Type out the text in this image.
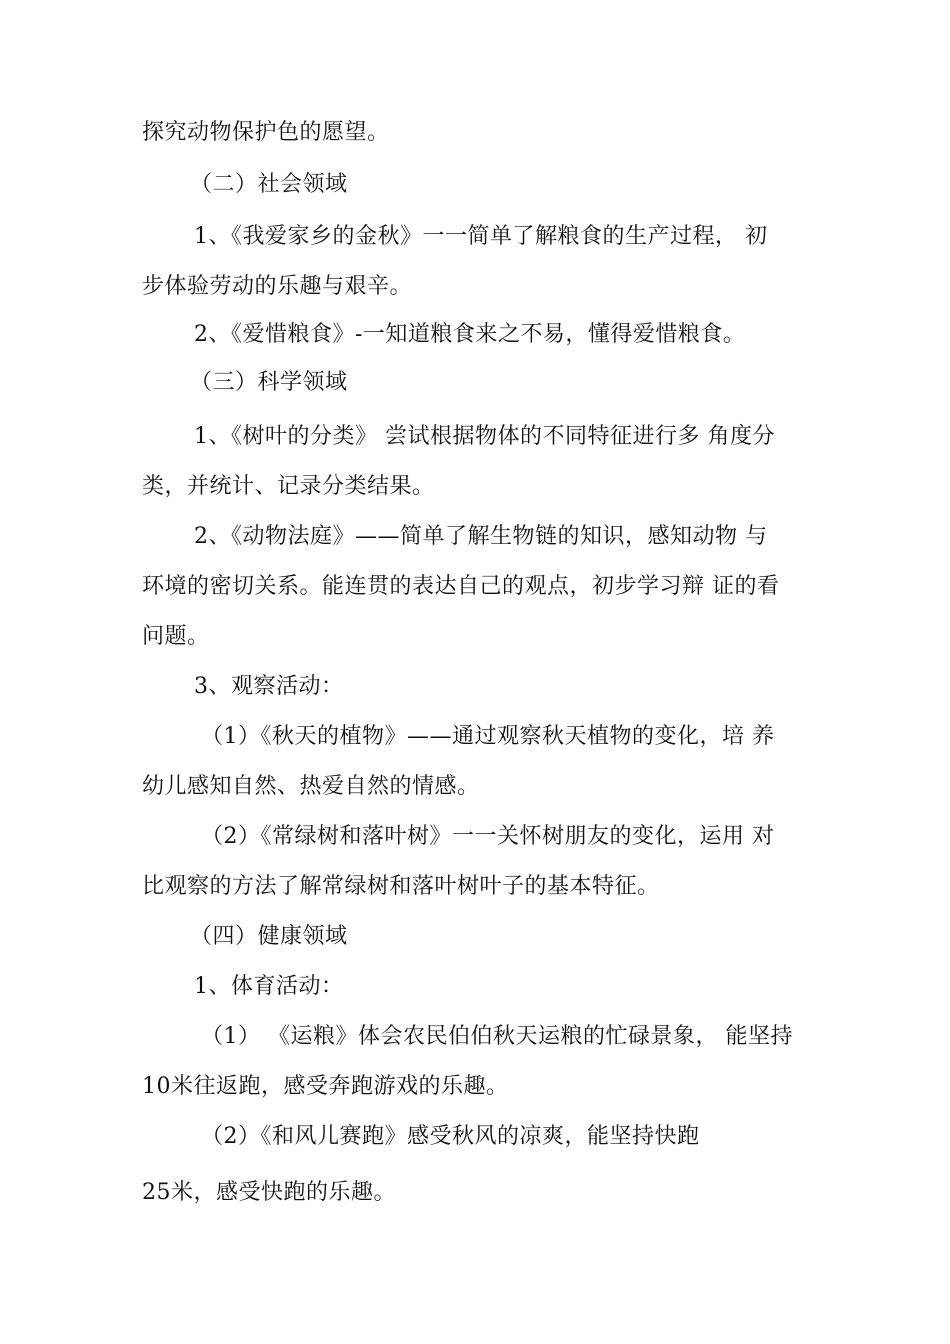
探究动物保护色的愿望。
（二）社会领域
1、《我爱家乡的金秋》一一简单了解粮食的生产过程， 初
步体验劳动的乐趣与艰辛。
2、《爱惜粮食》-一知道粮食来之不易，懂得爱惜粮食。
（三）科学领域
1、《树叶的分类》 尝试根据物体的不同特征进行多 角度分
类，并统计、记录分类结果。
2、《动物法庭》——简单了解生物链的知识，感知动物 与
环境的密切关系。能连贯的表达自己的观点，初步学习辩 证的看
问题。
3、观察活动：
（1）《秋天的植物》——通过观察秋天植物的变化，培 养
幼儿感知自然、热爱自然的情感。
（2）《常绿树和落叶树》一一关怀树朋友的变化，运用 对
比观察的方法了解常绿树和落叶树叶子的基本特征。
（四）健康领域
1、体育活动：
（1） 《运粮》体会农民伯伯秋天运粮的忙碌景象， 能坚持
10米往返跑，感受奔跑游戏的乐趣。
（2）《和风儿赛跑》感受秋风的凉爽，能坚持快跑
25米，感受快跑的乐趣。
